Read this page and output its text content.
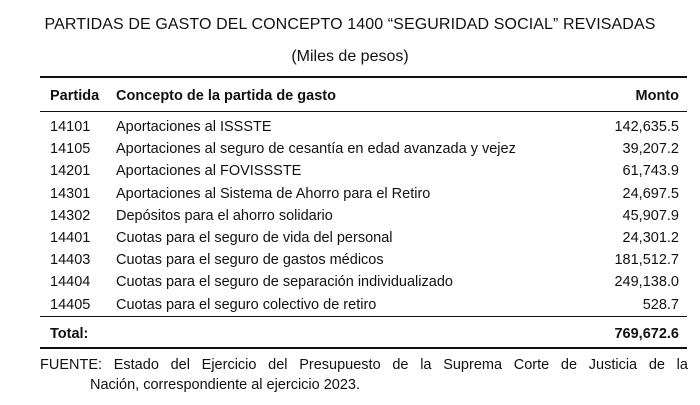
PARTIDAS DE GASTO DEL CONCEPTO 1400 “SEGURIDAD SOCIAL” REVISADAS
(Miles de pesos)
Partida	Concepto de la partida de gasto	Monto
14101	Aportaciones al ISSSTE	142,635.5
14105	Aportaciones al seguro de cesantía en edad avanzada y vejez	39,207.2
14201	Aportaciones al FOVISSSTE	61,743.9
14301	Aportaciones al Sistema de Ahorro para el Retiro	24,697.5
14302	Depósitos para el ahorro solidario	45,907.9
14401	Cuotas para el seguro de vida del personal	24,301.2
14403	Cuotas para el seguro de gastos médicos	181,512.7
14404	Cuotas para el seguro de separación individualizado	249,138.0
14405	Cuotas para el seguro colectivo de retiro	528.7
Total:		769,672.6
FUENTE: Estado del Ejercicio del Presupuesto de la Suprema Corte de Justicia de la
Nación, correspondiente al ejercicio 2023.
